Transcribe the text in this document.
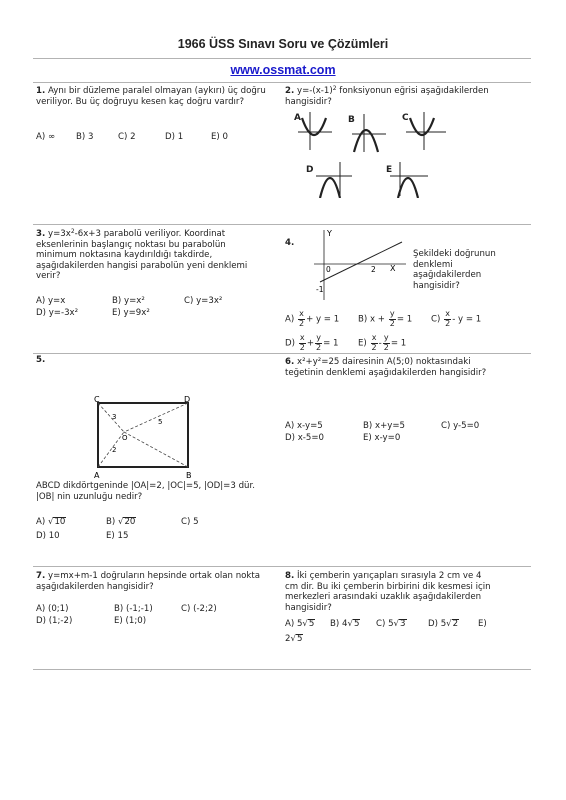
1966 ÜSS Sınavı Soru ve Çözümleri
www.ossmat.com
1. Aynı bir düzleme paralel olmayan (aykırı) üç doğru veriliyor. Bu üç doğruyu kesen kaç doğru vardır?
A) ∞ B) 3	C) 2	D) 1	E) 0
2. $y=-(x-1)^2$ fonksiyonun eğrisi aşağıdakilerden hangisidir?
A	B	C
D	E
3. $y=3x^2-6x+3$ parabolü veriliyor. Koordinat eksenlerinin başlangıç noktası bu parabolün minimum noktasına kaydırıldığı takdirde, aşağıdakilerden hangisi parabolün yeni denklemi verir?
A) y=x	B) y=x²	C) y=3x²
D) y=-3x²	E) y=9x²
4.
Y
X
0	2
-1
Şekildeki doğrunun denklemi aşağıdakilerden hangisidir?
$A) \frac{x}{2} + y = 1$ B) $x + \frac{y}{2} = 1$ $C) \frac{x}{2} - y = 1$
$D) \frac{x}{2} + \frac{y}{2} = 1$ $E) \frac{x}{2} - \frac{y}{2} = 1$
5.
C	D
A	B
O
3
5
2
ABCD dikdörtgeninde |OA|=2, |OC|=5, |OD|=3 dür. |OB| nin uzunluğu nedir?
A) √10	B) √20	C) 5
D) 10	E) 15
6. x²+y²=25 dairesinin A(5;0) noktasındaki teğetinin denklemi aşağıdakilerden hangisidir?
A) x-y=5	B) x+y=5	C) y-5=0
D) x-5=0	E) x-y=0
7. y=mx+m-1 doğruların hepsinde ortak olan nokta aşağıdakilerden hangisidir?
A) (0;1)	B) (-1;-1)	C) (-2;2)
D) (1;-2)	E) (1;0)
8. İki çemberin yarıçapları sırasıyla 2 cm ve 4 cm dir. Bu iki çemberin birbirini dik kesmesi için merkezleri arasındaki uzaklık aşağıdakilerden hangisidir?
A) 5√5 B) 4√5 C) 5√3	D) 5√2 E)
2√5
